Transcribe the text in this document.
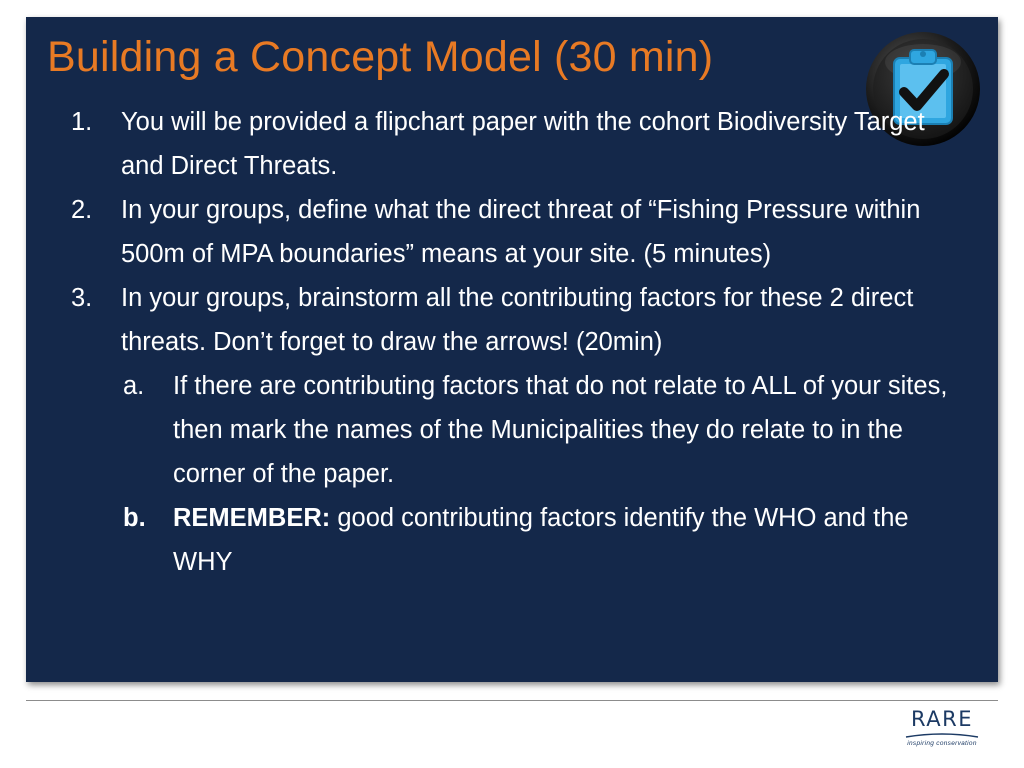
Building a Concept Model (30 min)
1. You will be provided a flipchart paper with the cohort Biodiversity Target and Direct Threats.
2. In your groups, define what the direct threat of “Fishing Pressure within 500m of MPA boundaries” means at your site. (5 minutes)
3. In your groups, brainstorm all the contributing factors for these 2 direct threats. Don’t forget to draw the arrows! (20min)
a. If there are contributing factors that do not relate to ALL of your sites, then mark the names of the Municipalities they do relate to in the corner of the paper.
b. REMEMBER: good contributing factors identify the WHO and the WHY
RARE
inspiring conservation
